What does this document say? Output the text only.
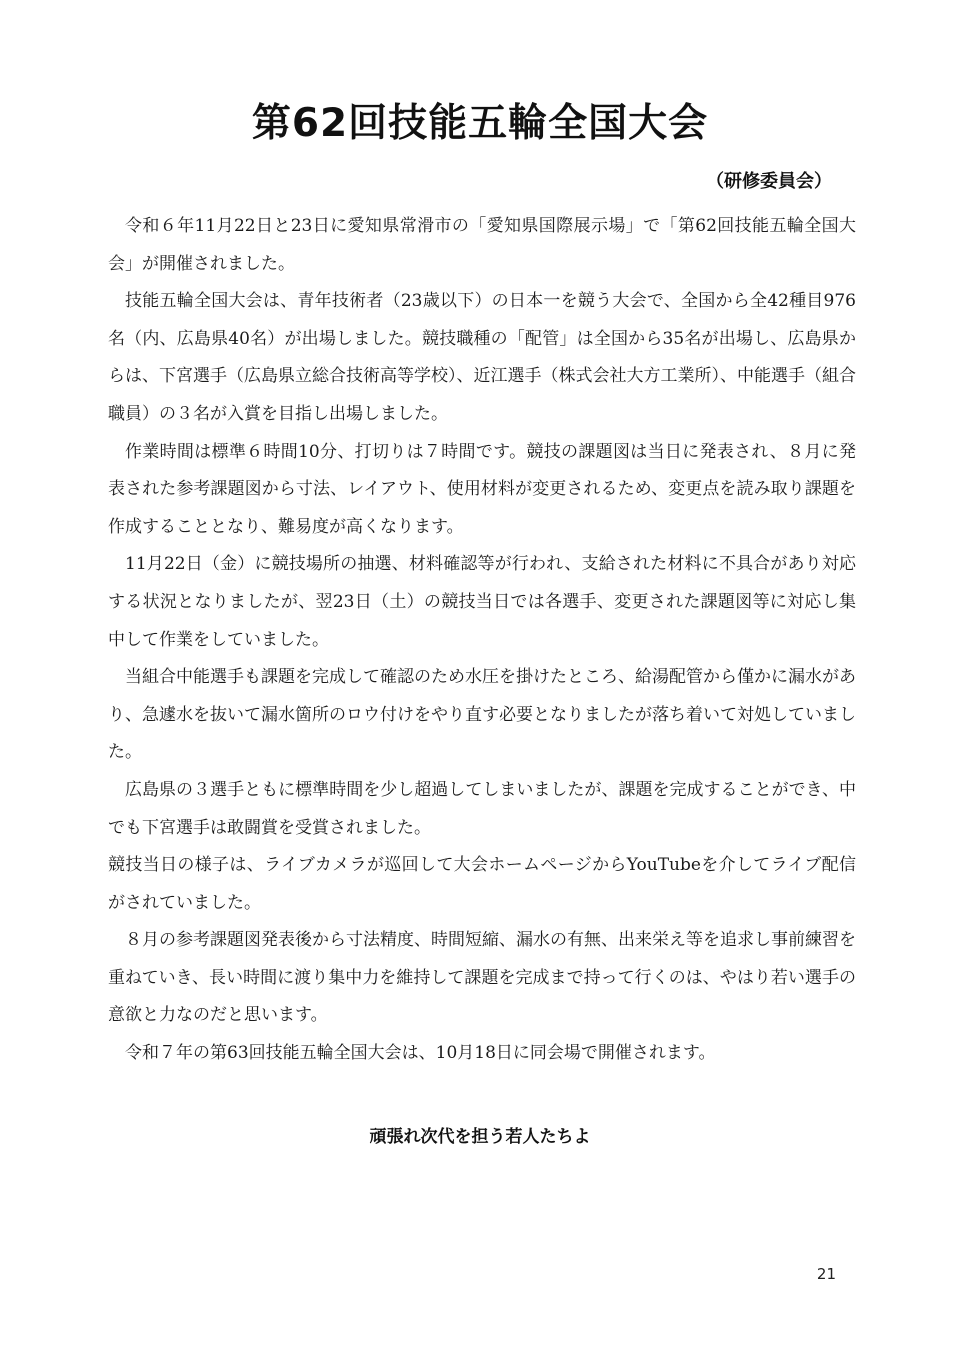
第62回技能五輪全国大会
（研修委員会）

令和６年11月22日と23日に愛知県常滑市の「愛知県国際展示場」で「第62回技能五輪全国大会」が開催されました。

技能五輪全国大会は、青年技術者（23歳以下）の日本一を競う大会で、全国から全42種目976名（内、広島県40名）が出場しました。競技職種の「配管」は全国から35名が出場し、広島県からは、下宮選手（広島県立総合技術高等学校）、近江選手（株式会社大方工業所）、中能選手（組合職員）の３名が入賞を目指し出場しました。

作業時間は標準６時間10分、打切りは７時間です。競技の課題図は当日に発表され、８月に発表された参考課題図から寸法、レイアウト、使用材料が変更されるため、変更点を読み取り課題を作成することとなり、難易度が高くなります。

11月22日（金）に競技場所の抽選、材料確認等が行われ、支給された材料に不具合があり対応する状況となりましたが、翌23日（土）の競技当日では各選手、変更された課題図等に対応し集中して作業をしていました。

当組合中能選手も課題を完成して確認のため水圧を掛けたところ、給湯配管から僅かに漏水があり、急遽水を抜いて漏水箇所のロウ付けをやり直す必要となりましたが落ち着いて対処していました。

広島県の３選手ともに標準時間を少し超過してしまいましたが、課題を完成することができ、中でも下宮選手は敢闘賞を受賞されました。

競技当日の様子は、ライブカメラが巡回して大会ホームページからYouTubeを介してライブ配信がされていました。

８月の参考課題図発表後から寸法精度、時間短縮、漏水の有無、出来栄え等を追求し事前練習を重ねていき、長い時間に渡り集中力を維持して課題を完成まで持って行くのは、やはり若い選手の意欲と力なのだと思います。

令和７年の第63回技能五輪全国大会は、10月18日に同会場で開催されます。

頑張れ次代を担う若人たちよ
21
